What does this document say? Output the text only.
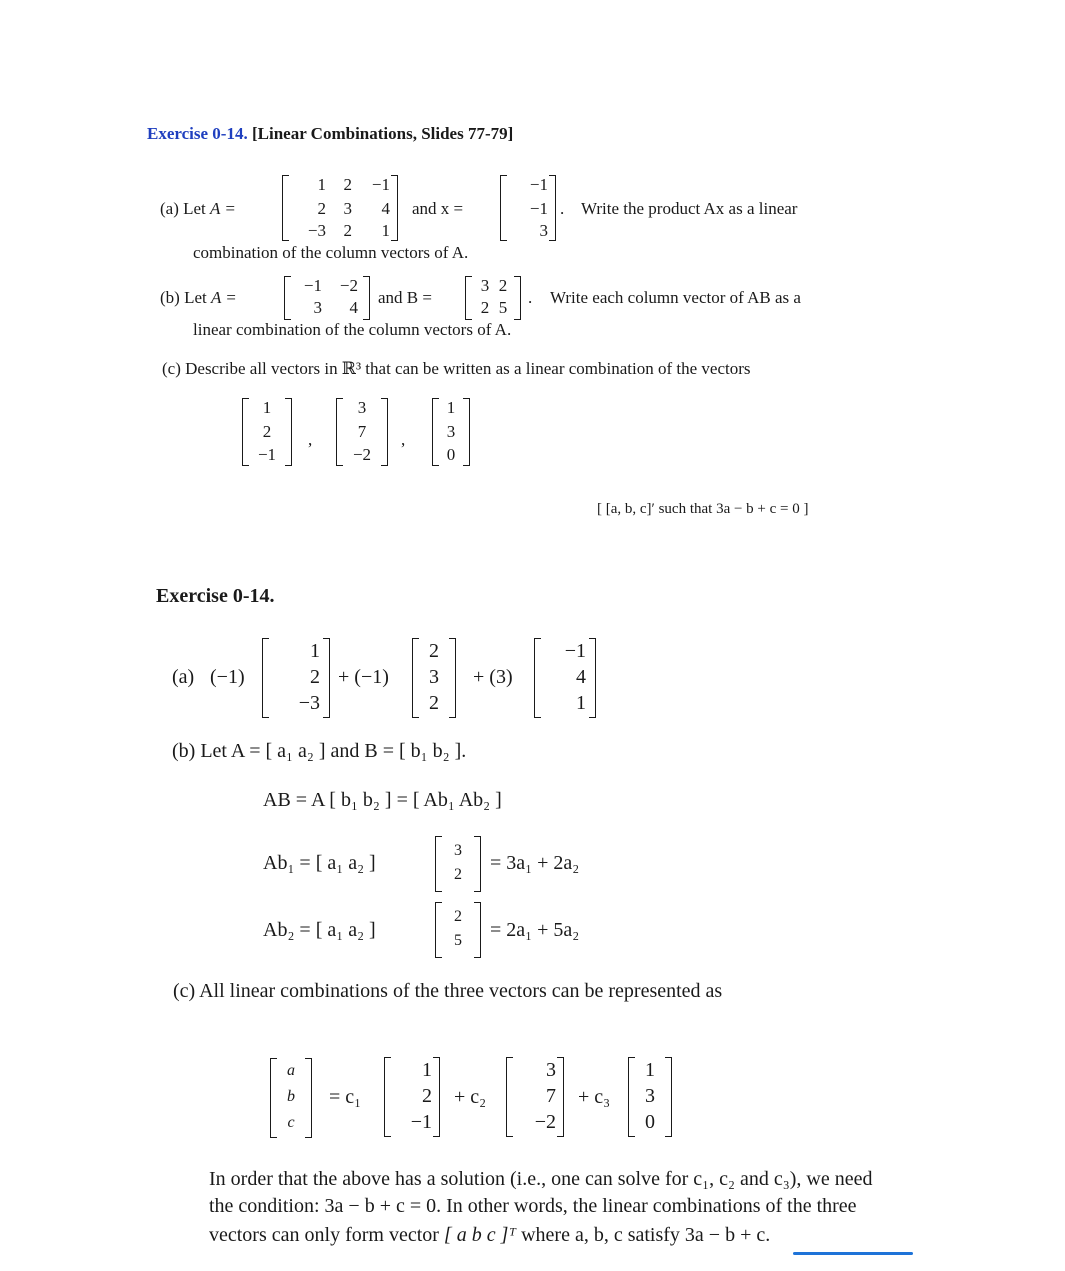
Exercise 0-14. [Linear Combinations, Slides 77-79]
(a) Let A =
1	2	−1
2	3	4
−3	2	1
and x =
−1
−1
3
. Write the product Ax as a linear
combination of the column vectors of A.
(b) Let A =
−1	−2
3	4
and B =
3 2
2 5
. Write each column vector of AB as a
linear combination of the column vectors of A.
(c) Describe all vectors in ℝ³ that can be written as a linear combination of the vectors
1
2
−1
,
3
7
−2
,
1
3
0
[ [a, b, c]′ such that 3a − b + c = 0 ]
Exercise 0-14.
(a) (−1)
1
2
−3
+ (−1)
2
3
2
+ (3)
−1
4
1
(b) Let A = [ a₁ a₂ ] and B = [ b₁ b₂ ].
AB = A [ b₁ b₂ ] = [ Ab₁ Ab₂ ]
Ab₁ = [ a₁ a₂ ]
3
2
= 3a₁ + 2a₂
Ab₂ = [ a₁ a₂ ]
2
5	= 2a₁ + 5a₂
(c) All linear combinations of the three vectors can be represented as
a
b
c
= c₁
1
2
−1
+ c₂
3
7
−2
+ c₃
1
3
0
In order that the above has a solution (i.e., one can solve for c₁, c₂ and c₃), we need
the condition: 3a − b + c = 0. In other words, the linear combinations of the three
vectors can only form vector [ a b c ]ᵀ where a, b, c satisfy 3a − b + c.
